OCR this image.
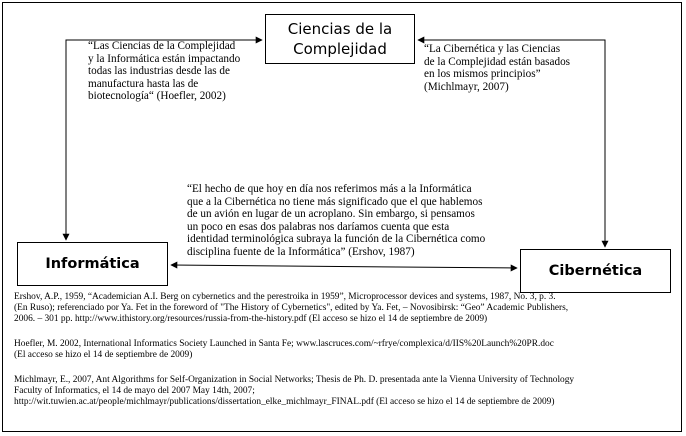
Ciencias de la
Complejidad
Informática	Cibernética
“Las Ciencias de la Complejidad
y la Informática están impactando
todas las industrias desde las de
manufactura hasta las de
biotecnología“ (Hoefler, 2002)
“La Cibernética y las Ciencias
de la Complejidad están basados
en los mismos principios”
(Michlmayr, 2007)
“El hecho de que hoy en día nos referimos más a la Informática
que a la Cibernética no tiene más significado que el que hablemos
de un avión en lugar de un acroplano. Sin embargo, si pensamos
un poco en esas dos palabras nos daríamos cuenta que esta
identidad terminológica subraya la función de la Cibernética como
disciplina fuente de la Informática” (Ershov, 1987)
Ershov, A.P., 1959, “Academician A.I. Berg on cybernetics and the perestroika in 1959”, Microprocessor devices and systems, 1987, No. 3, p. 3.
(En Ruso); referenciado por Ya. Fet in the foreword of "The History of Cybernetics", edited by Ya. Fet, – Novosibirsk: “Geo” Academic Publishers,
2006. – 301 pp. http://www.ithistory.org/resources/russia-from-the-history.pdf (El acceso se hizo el 14 de septiembre de 2009)
Hoefler, M. 2002, International Informatics Society Launched in Santa Fe; www.lascruces.com/~rfrye/complexica/d/IIS%20Launch%20PR.doc
(El acceso se hizo el 14 de septiembre de 2009)
Michlmayr, E., 2007, Ant Algorithms for Self-Organization in Social Networks; Thesis de Ph. D. presentada ante la Vienna University of Technology
Faculty of Informatics, el 14 de mayo del 2007 May 14th, 2007;
http://wit.tuwien.ac.at/people/michlmayr/publications/dissertation_elke_michlmayr_FINAL.pdf (El acceso se hizo el 14 de septiembre de 2009)
